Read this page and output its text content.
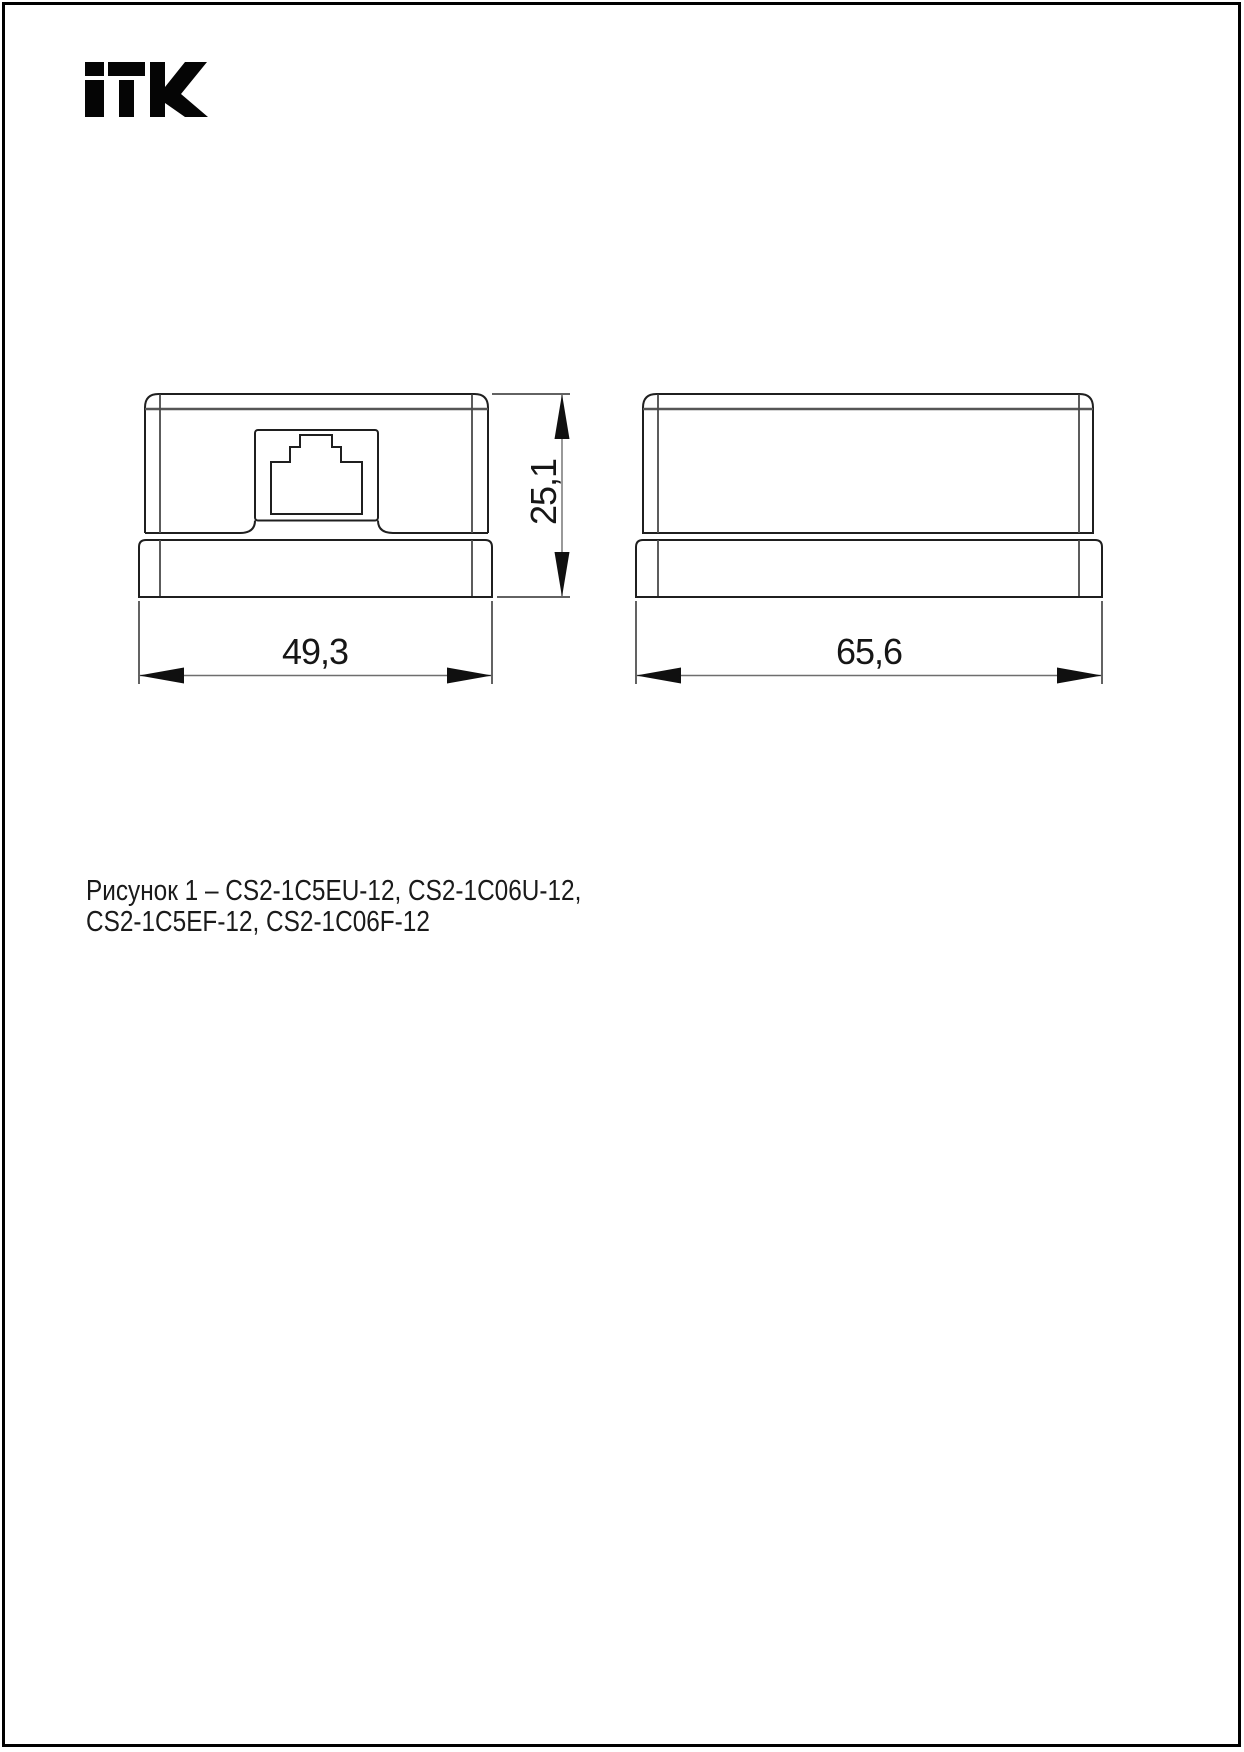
49,3
25,1
65,6
Рисунок 1 – CS2-1C5EU-12, CS2-1C06U-12,
CS2-1C5EF-12, CS2-1C06F-12
